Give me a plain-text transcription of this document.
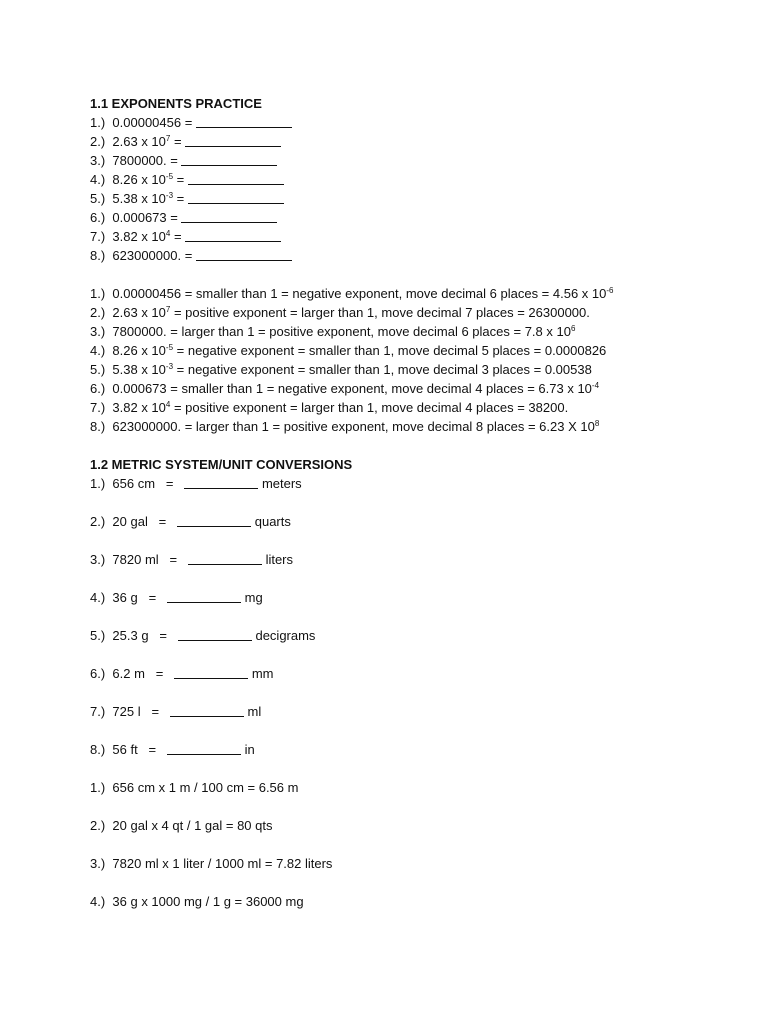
1.1 EXPONENTS PRACTICE
1.) 0.00000456 =
2.) 2.63 x $10^7$ =
3.) 7800000. =
4.) 8.26 x $10^{-5}$ =
5.) 5.38 x $10^{-3}$ =
6.) 0.000673 =
7.) 3.82 x $10^4$ =
8.) 623000000. =
1.) 0.00000456 = smaller than 1 = negative exponent, move decimal 6 places = 4.56 x $10^{-6}$
2.) 2.63 x $10^7$ = positive exponent = larger than 1, move decimal 7 places = 26300000.
3.) 7800000. = larger than 1 = positive exponent, move decimal 6 places = 7.8 x $10^6$
4.) 8.26 x $10^{-5}$ = negative exponent = smaller than 1, move decimal 5 places = 0.0000826
5.) 5.38 x $10^{-3}$ = negative exponent = smaller than 1, move decimal 3 places = 0.00538
6.) 0.000673 = smaller than 1 = negative exponent, move decimal 4 places = 6.73 x $10^{-4}$
7.) 3.82 x $10^4$ = positive exponent = larger than 1, move decimal 4 places = 38200.
8.) 623000000. = larger than 1 = positive exponent, move decimal 8 places = 6.23 X $10^8$
1.2 METRIC SYSTEM/UNIT CONVERSIONS
1.) 656 cm =	meters
2.) 20 gal =	quarts
3.) 7820 ml =	liters
4.) 36 g =	mg
5.) 25.3 g =	decigrams
6.) 6.2 m =	mm
7.) 725 l =	ml
8.) 56 ft =	in
1.) 656 cm x 1 m / 100 cm = 6.56 m
2.) 20 gal x 4 qt / 1 gal = 80 qts
3.) 7820 ml x 1 liter / 1000 ml = 7.82 liters
4.) 36 g x 1000 mg / 1 g = 36000 mg
